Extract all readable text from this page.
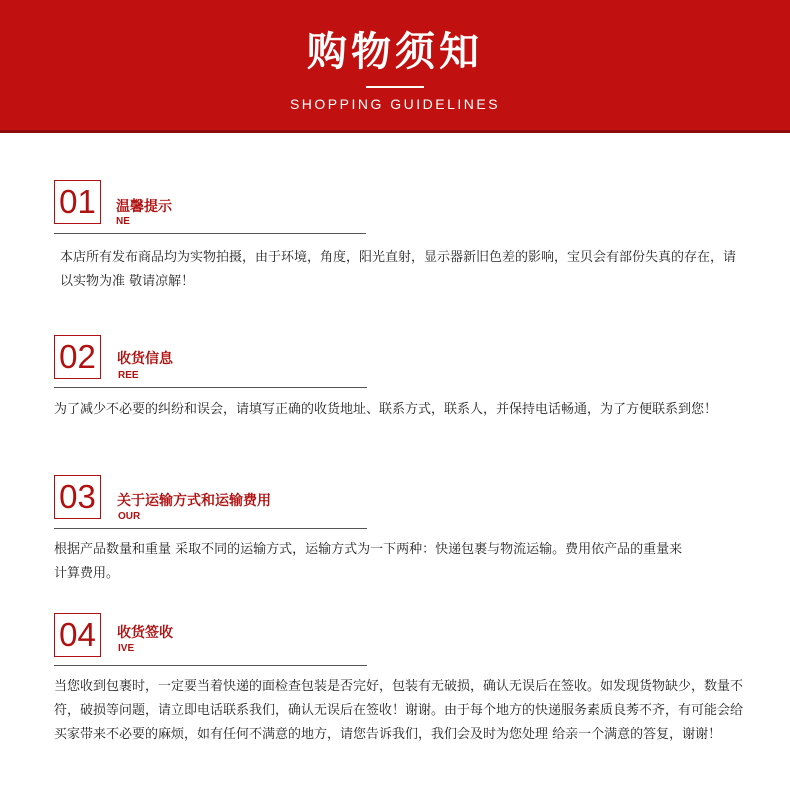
购物须知
SHOPPING GUIDELINES
01	温馨提示
NE
本店所有发布商品均为实物拍摄，由于环境，角度，阳光直射，显示器新旧色差的影响，宝贝会有部份失真的存在，请以实物为准 敬请凉解！
02	收货信息
REE
为了减少不必要的纠纷和误会，请填写正确的收货地址、联系方式，联系人，并保持电话畅通，为了方便联系到您！
03	关于运输方式和运输费用
OUR
根据产品数量和重量 采取不同的运输方式，运输方式为一下两种：快递包裹与物流运输。费用依产品的重量来计算费用。
04	收货签收
IVE
当您收到包裹时，一定要当着快递的面检查包装是否完好，包装有无破损，确认无误后在签收。如发现货物缺少，数量不符，破损等问题，请立即电话联系我们，确认无误后在签收！谢谢。由于每个地方的快递服务素质良莠不齐，有可能会给买家带来不必要的麻烦，如有任何不满意的地方，请您告诉我们，我们会及时为您处理 给亲一个满意的答复，谢谢！
